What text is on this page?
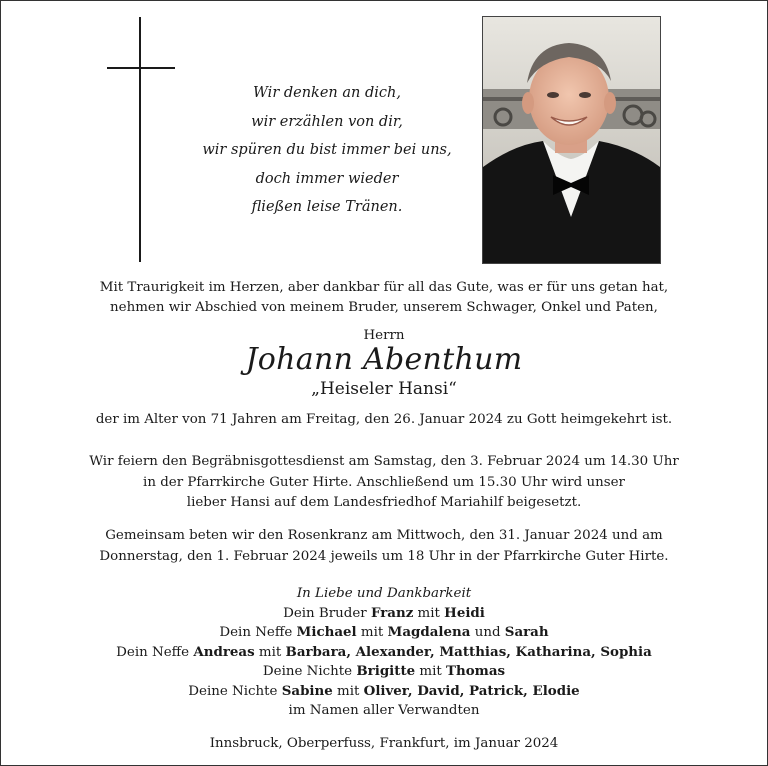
Wir denken an dich,
wir erzählen von dir,
wir spüren du bist immer bei uns,
doch immer wieder
fließen leise Tränen.
Mit Traurigkeit im Herzen, aber dankbar für all das Gute, was er für uns getan hat,
nehmen wir Abschied von meinem Bruder, unserem Schwager, Onkel und Paten,
Herrn
Johann Abenthum
„Heiseler Hansi“
der im Alter von 71 Jahren am Freitag, den 26. Januar 2024 zu Gott heimgekehrt ist.
Wir feiern den Begräbnisgottesdienst am Samstag, den 3. Februar 2024 um 14.30 Uhr
in der Pfarrkirche Guter Hirte. Anschließend um 15.30 Uhr wird unser
lieber Hansi auf dem Landesfriedhof Mariahilf beigesetzt.
Gemeinsam beten wir den Rosenkranz am Mittwoch, den 31. Januar 2024 und am
Donnerstag, den 1. Februar 2024 jeweils um 18 Uhr in der Pfarrkirche Guter Hirte.
In Liebe und Dankbarkeit
Dein Bruder Franz mit Heidi
Dein Neffe Michael mit Magdalena und Sarah
Dein Neffe Andreas mit Barbara, Alexander, Matthias, Katharina, Sophia
Deine Nichte Brigitte mit Thomas
Deine Nichte Sabine mit Oliver, David, Patrick, Elodie
im Namen aller Verwandten
Innsbruck, Oberperfuss, Frankfurt, im Januar 2024
